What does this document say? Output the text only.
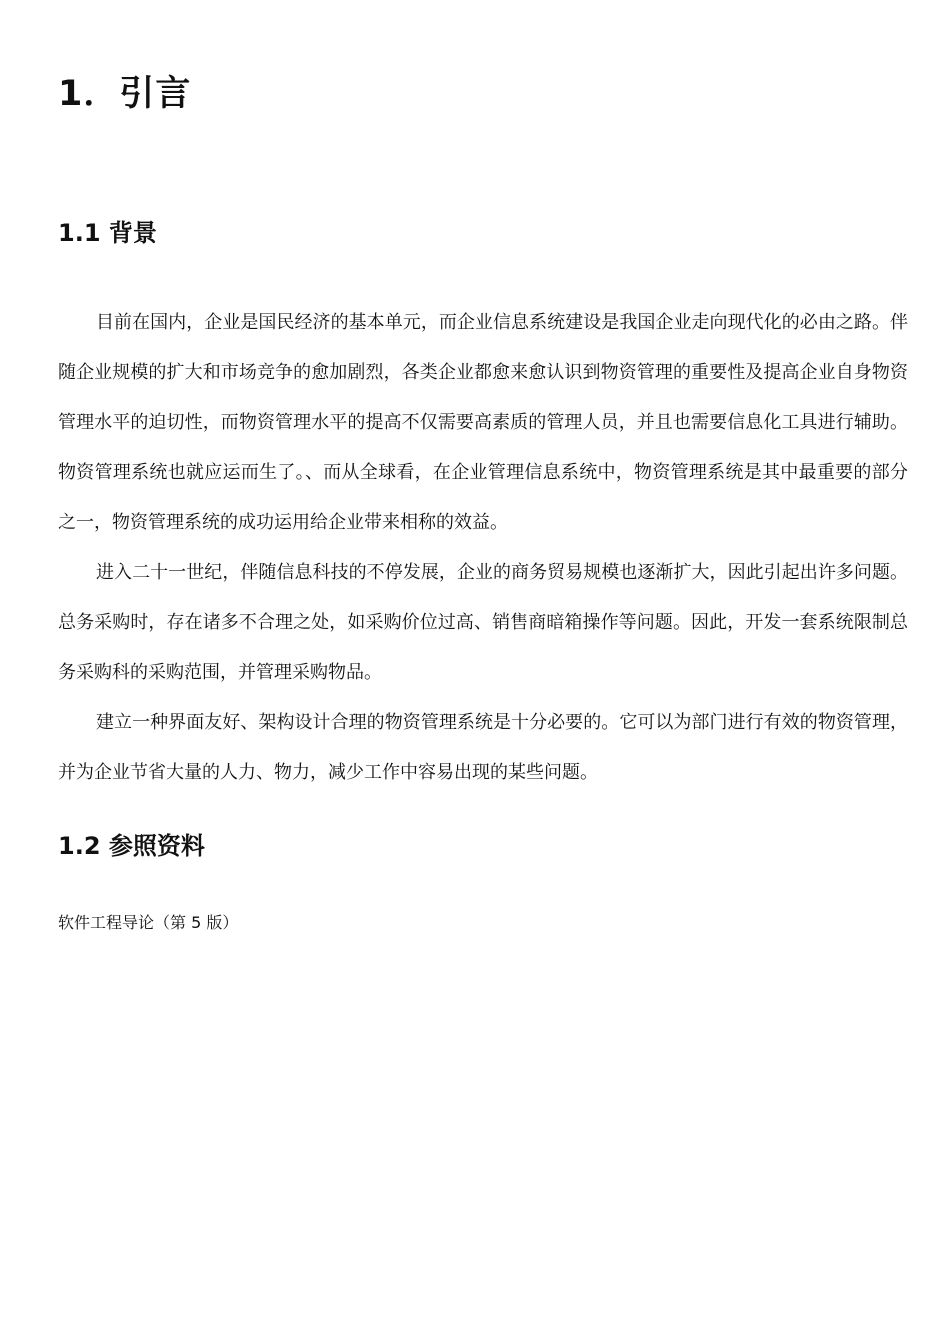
1．引言
1.1 背景

目前在国内，企业是国民经济的基本单元，而企业信息系统建设是我国企业走向现代化的必由之路。伴随企业规模的扩大和市场竞争的愈加剧烈，各类企业都愈来愈认识到物资管理的重要性及提高企业自身物资管理水平的迫切性，而物资管理水平的提高不仅需要高素质的管理人员，并且也需要信息化工具进行辅助。物资管理系统也就应运而生了。、而从全球看，在企业管理信息系统中，物资管理系统是其中最重要的部分之一，物资管理系统的成功运用给企业带来相称的效益。

进入二十一世纪，伴随信息科技的不停发展，企业的商务贸易规模也逐渐扩大，因此引起出许多问题。总务采购时，存在诸多不合理之处，如采购价位过高、销售商暗箱操作等问题。因此，开发一套系统限制总务采购科的采购范围，并管理采购物品。

建立一种界面友好、架构设计合理的物资管理系统是十分必要的。它可以为部门进行有效的物资管理，并为企业节省大量的人力、物力，减少工作中容易出现的某些问题。

1.2 参照资料

软件工程导论（第 5 版）
